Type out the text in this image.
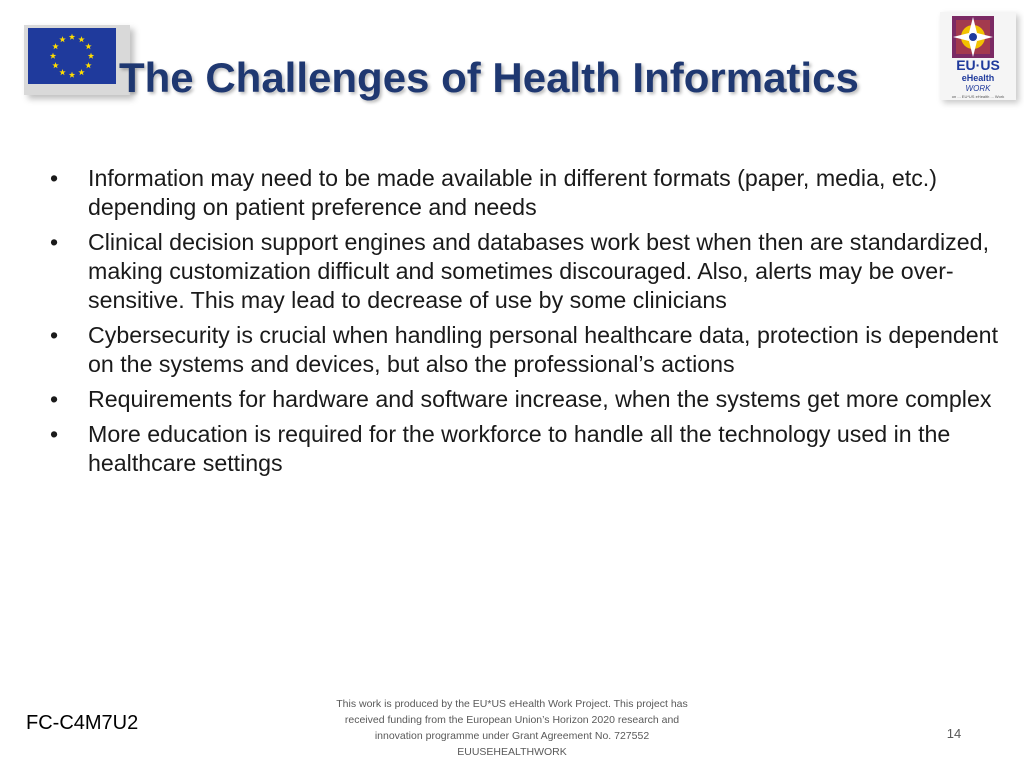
The Challenges of Health Informatics	EU·US
eHealth
WORK
on ... EU*US eHealth ... Work
•	Information may need to be made available in different formats (paper, media, etc.) depending on patient preference and needs
•	Clinical decision support engines and databases work best when then are standardized, making customization difficult and sometimes discouraged. Also, alerts may be over-sensitive. This may lead to decrease of use by some clinicians
•	Cybersecurity is crucial when handling personal healthcare data, protection is dependent on the systems and devices, but also the professional’s actions
•	Requirements for hardware and software increase, when the systems get more complex
•	More education is required for the workforce to handle all the technology used in the healthcare settings
FC-C4M7U2
This work is produced by the EU*US eHealth Work Project. This project has
received funding from the European Union’s Horizon 2020 research and
innovation programme under Grant Agreement No. 727552
EUUSEHEALTHWORK
14
